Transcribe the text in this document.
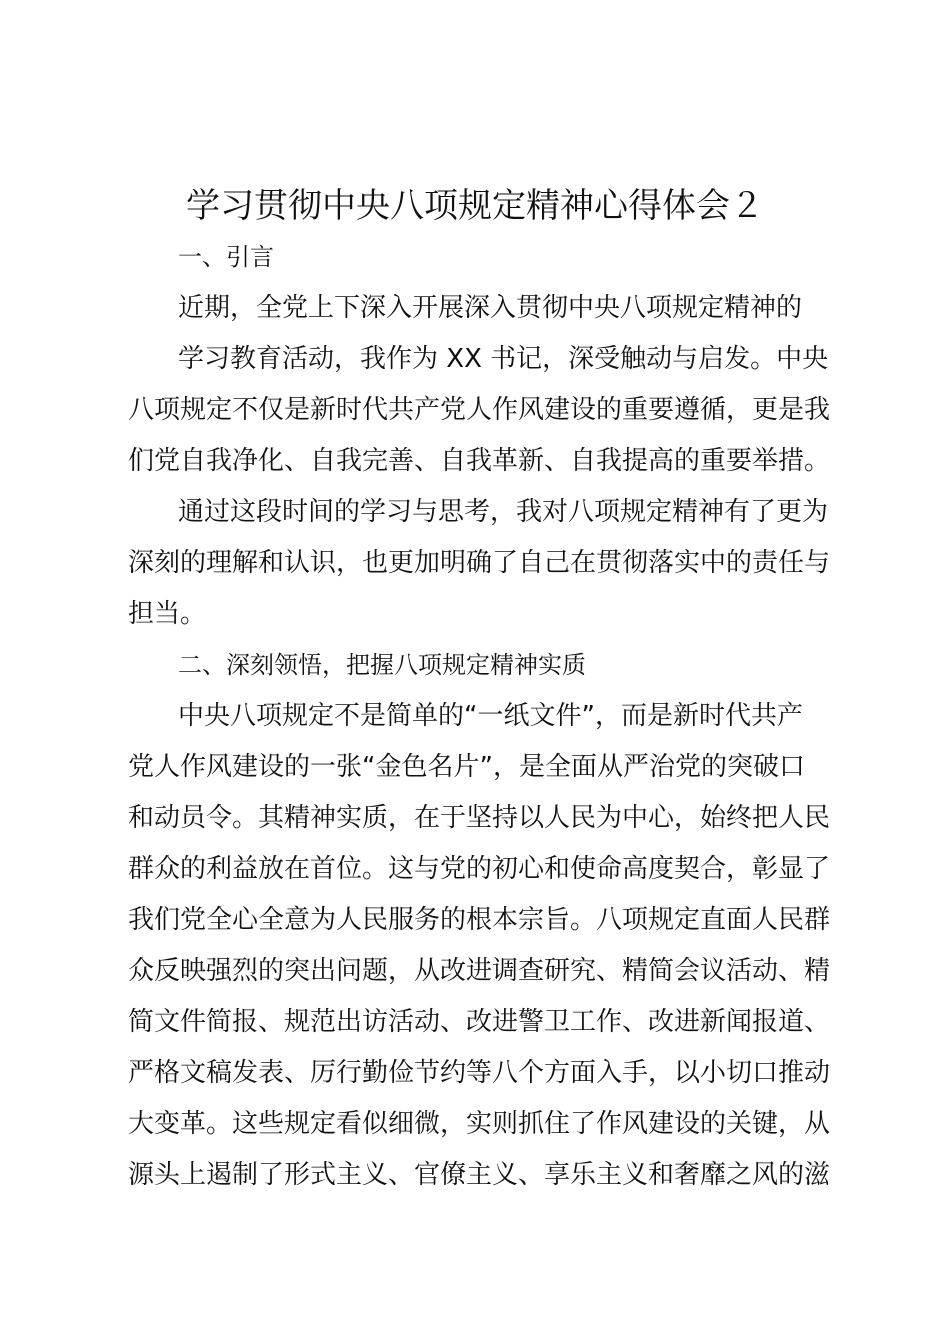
学习贯彻中央八项规定精神心得体会２
一、引言
近期，全党上下深入开展深入贯彻中央八项规定精神的
学习教育活动，我作为 XX 书记，深受触动与启发。中央
八项规定不仅是新时代共产党人作风建设的重要遵循，更是我
们党自我净化、自我完善、自我革新、自我提高的重要举措。
通过这段时间的学习与思考，我对八项规定精神有了更为
深刻的理解和认识，也更加明确了自己在贯彻落实中的责任与
担当。
二、深刻领悟，把握八项规定精神实质
中央八项规定不是简单的“一纸文件”，而是新时代共产
党人作风建设的一张“金色名片”，是全面从严治党的突破口
和动员令。其精神实质，在于坚持以人民为中心，始终把人民
群众的利益放在首位。这与党的初心和使命高度契合，彰显了
我们党全心全意为人民服务的根本宗旨。八项规定直面人民群
众反映强烈的突出问题，从改进调查研究、精简会议活动、精
简文件简报、规范出访活动、改进警卫工作、改进新闻报道、
严格文稿发表、厉行勤俭节约等八个方面入手，以小切口推动
大变革。这些规定看似细微，实则抓住了作风建设的关键，从
源头上遏制了形式主义、官僚主义、享乐主义和奢靡之风的滋
